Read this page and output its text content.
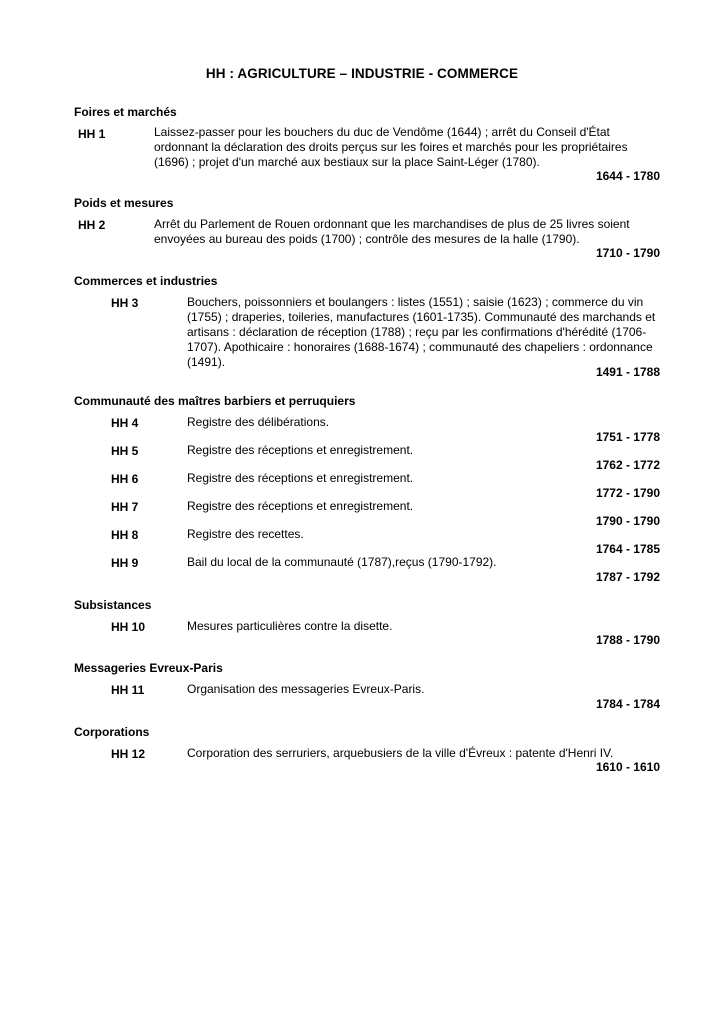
HH : AGRICULTURE – INDUSTRIE - COMMERCE
Foires et marchés
HH 1	Laissez-passer pour les bouchers du duc de Vendôme (1644) ; arrêt du Conseil d'État ordonnant la déclaration des droits perçus sur les foires et marchés pour les propriétaires (1696) ; projet d'un marché aux bestiaux sur la place Saint-Léger (1780).
1644 - 1780
Poids et mesures
HH 2	Arrêt du Parlement de Rouen ordonnant que les marchandises de plus de 25 livres soient envoyées au bureau des poids (1700) ; contrôle des mesures de la halle (1790).
1710 - 1790
Commerces et industries
HH 3	Bouchers, poissonniers et boulangers : listes (1551) ; saisie (1623) ; commerce du vin (1755) ; draperies, toileries, manufactures (1601-1735). Communauté des marchands et artisans : déclaration de réception (1788) ; reçu par les confirmations d'hérédité (1706-1707). Apothicaire : honoraires (1688-1674) ; communauté des chapeliers : ordonnance (1491).
1491 - 1788
Communauté des maîtres barbiers et perruquiers
HH 4	Registre des délibérations.
1751 - 1778
HH 5	Registre des réceptions et enregistrement.
1762 - 1772
HH 6	Registre des réceptions et enregistrement.
1772 - 1790
HH 7	Registre des réceptions et enregistrement.
1790 - 1790
HH 8	Registre des recettes.
1764 - 1785
HH 9	Bail du local de la communauté (1787),reçus (1790-1792).
1787 - 1792
Subsistances
HH 10	Mesures particulières contre la disette.
1788 - 1790
Messageries Evreux-Paris
HH 11	Organisation des messageries Evreux-Paris.
1784 - 1784
Corporations
HH 12	Corporation des serruriers, arquebusiers de la ville d'Évreux : patente d'Henri IV.
1610 - 1610
